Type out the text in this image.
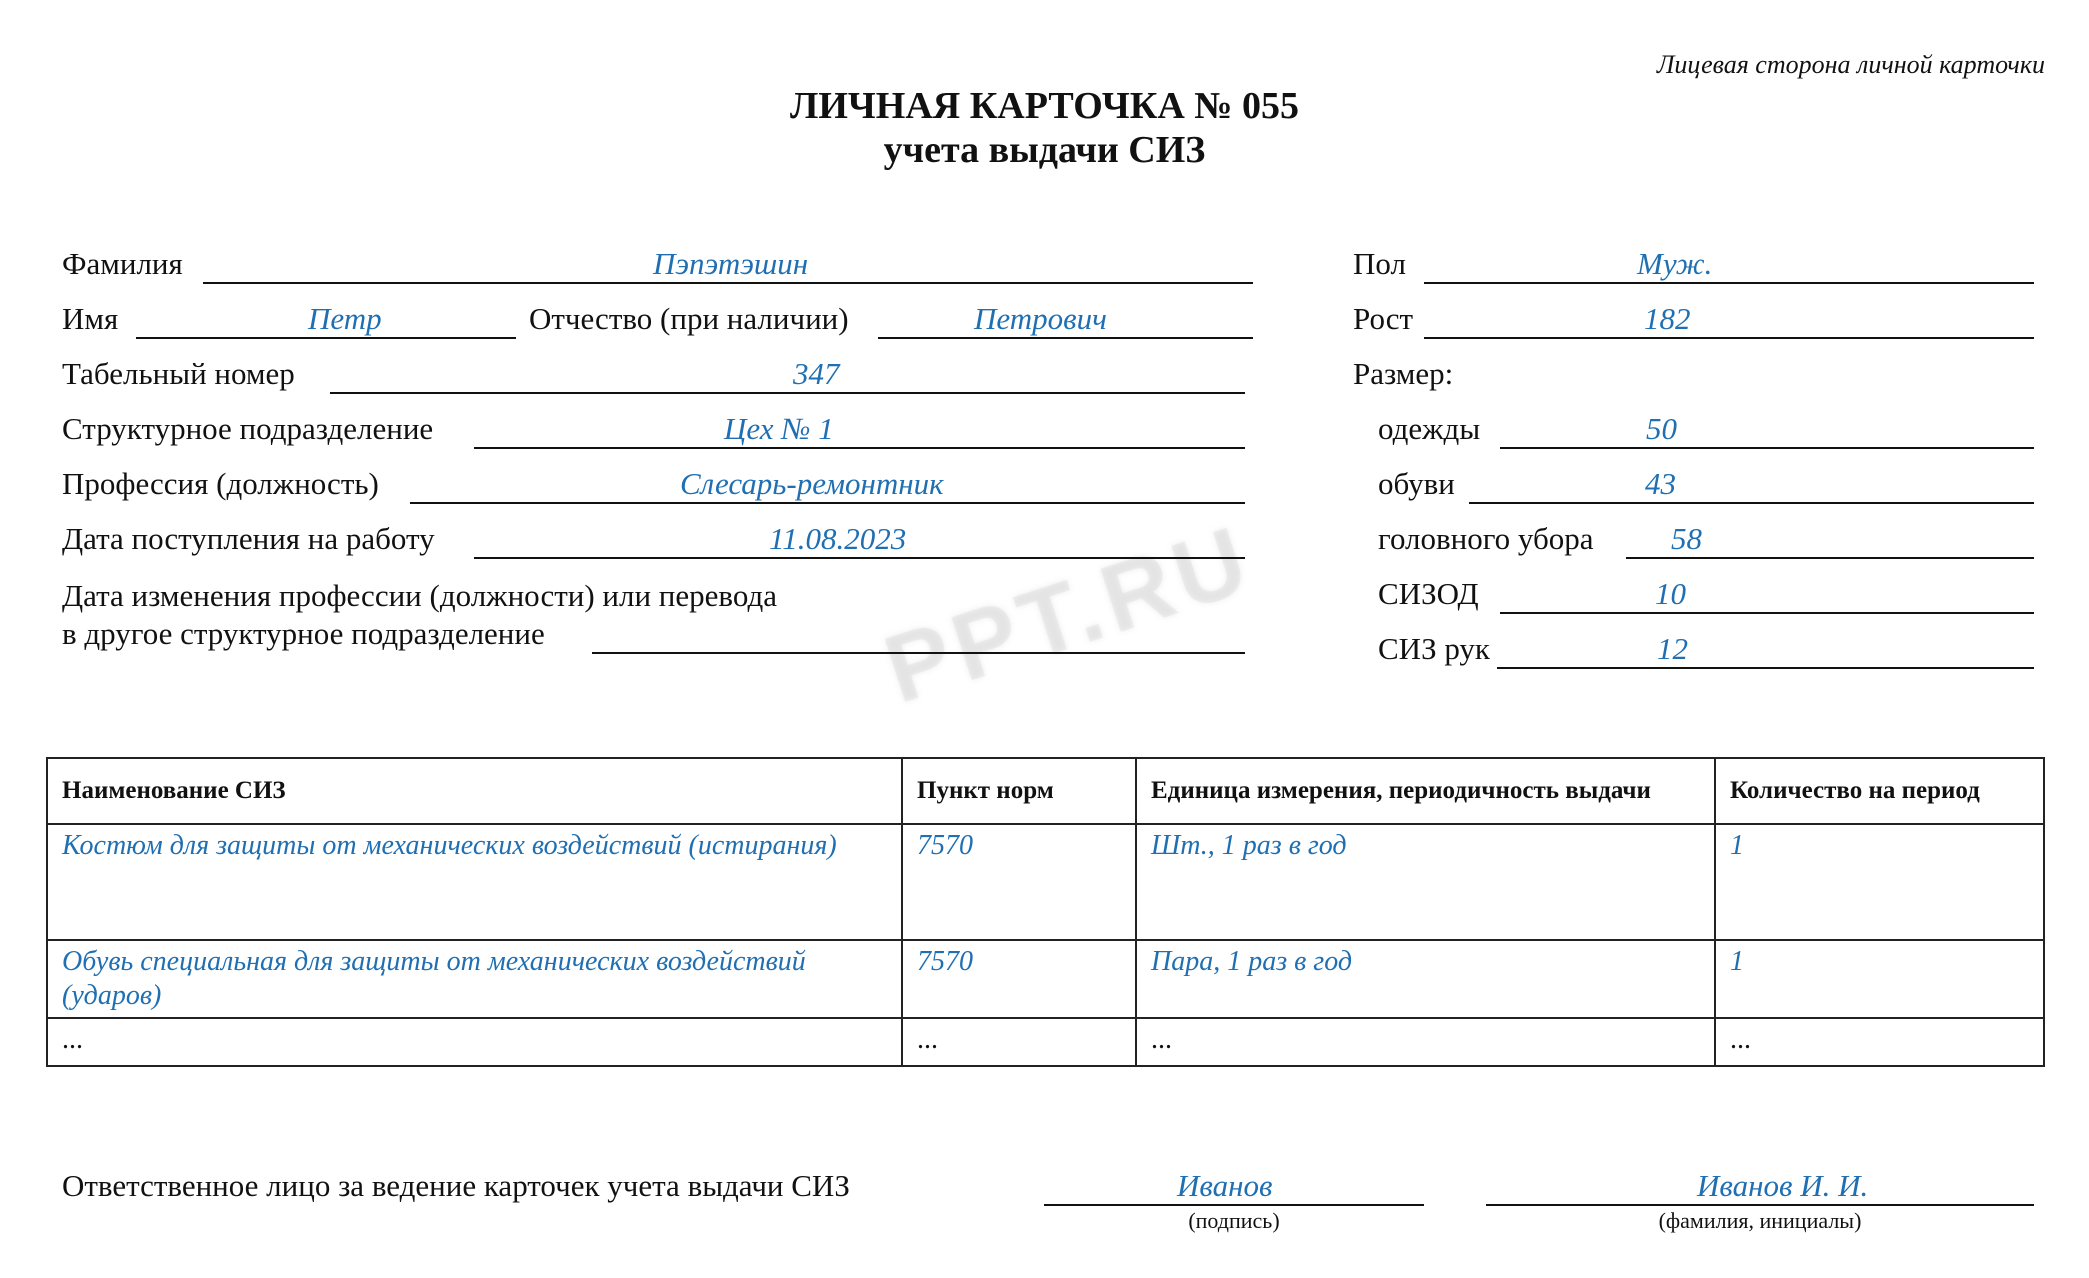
Лицевая сторона личной карточки
ЛИЧНАЯ КАРТОЧКА № 055
учета выдачи СИЗ
PPT.RU
Фамилия	Пэпэтэшин
Имя	Петр	Отчество (при наличии)	Петрович
Табельный номер	347
Структурное подразделение	Цех № 1
Профессия (должность)	Слесарь-ремонтник
Дата поступления на работу	11.08.2023
Дата изменения профессии (должности) или перевода
в другое структурное подразделение
Пол	Муж.
Рост	182
Размер:
одежды	50
обуви	43
головного убора 58
СИЗОД	10
СИЗ рук	12
Наименование СИЗ	Пункт норм	Единица измерения, периодичность выдачи	Количество на период
Костюм для защиты от механических воздействий (истирания)	7570	Шт., 1 раз в год	1
Обувь специальная для защиты от механических воздействий (ударов)	7570	Пара, 1 раз в год	1
...	...	...	...
Ответственное лицо за ведение карточек учета выдачи СИЗ	Иванов
(подпись)
Иванов И. И.
(фамилия, инициалы)
